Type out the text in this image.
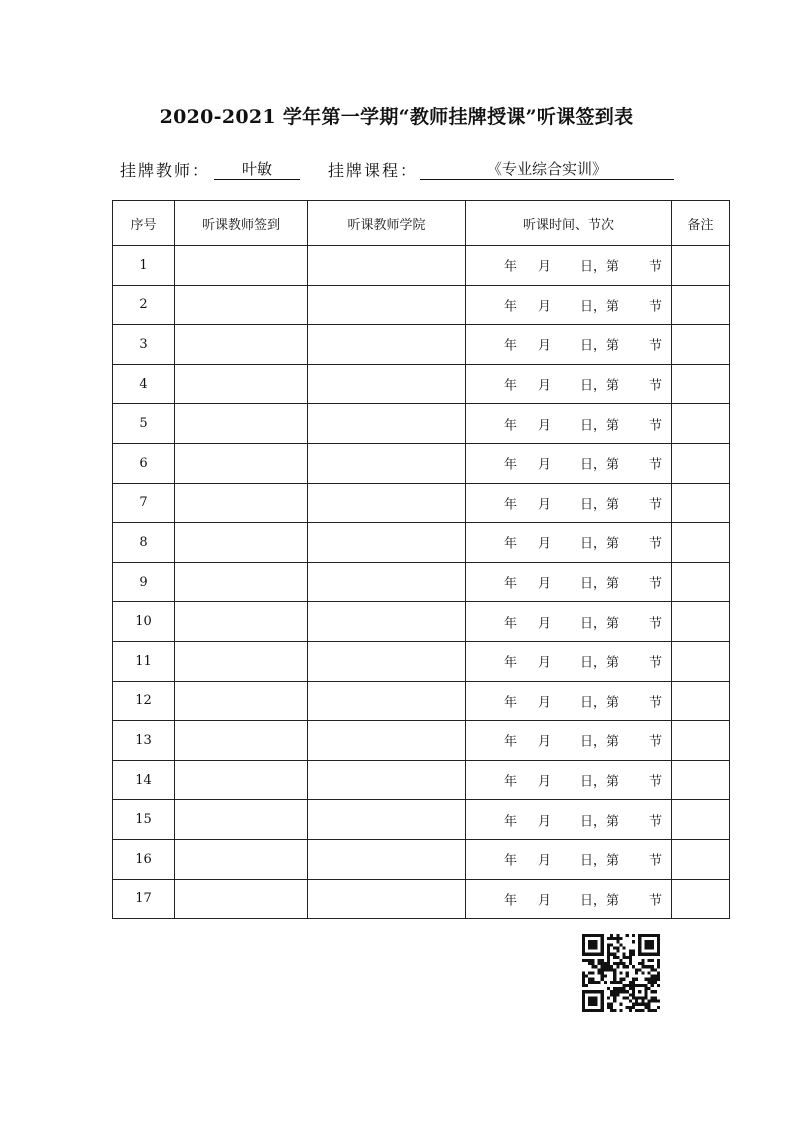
2020-2021 学年第一学期“教师挂牌授课”听课签到表
挂牌教师：	叶敏	挂牌课程：	《专业综合实训》
序号	听课教师签到	听课教师学院	听课时间、节次	备注
1			年 月 日，第 节	

2			年 月 日，第 节	

3			年 月 日，第 节	

4			年 月 日，第 节	

5			年 月 日，第 节	

6			年 月 日，第 节	

7			年 月 日，第 节	

8			年 月 日，第 节	

9			年 月 日，第 节	

10			年 月 日，第 节	

11			年 月 日，第 节	

12			年 月 日，第 节	

13			年 月 日，第 节	

14			年 月 日，第 节	

15			年 月 日，第 节	

16			年 月 日，第 节	

17			年 月 日，第 节	
